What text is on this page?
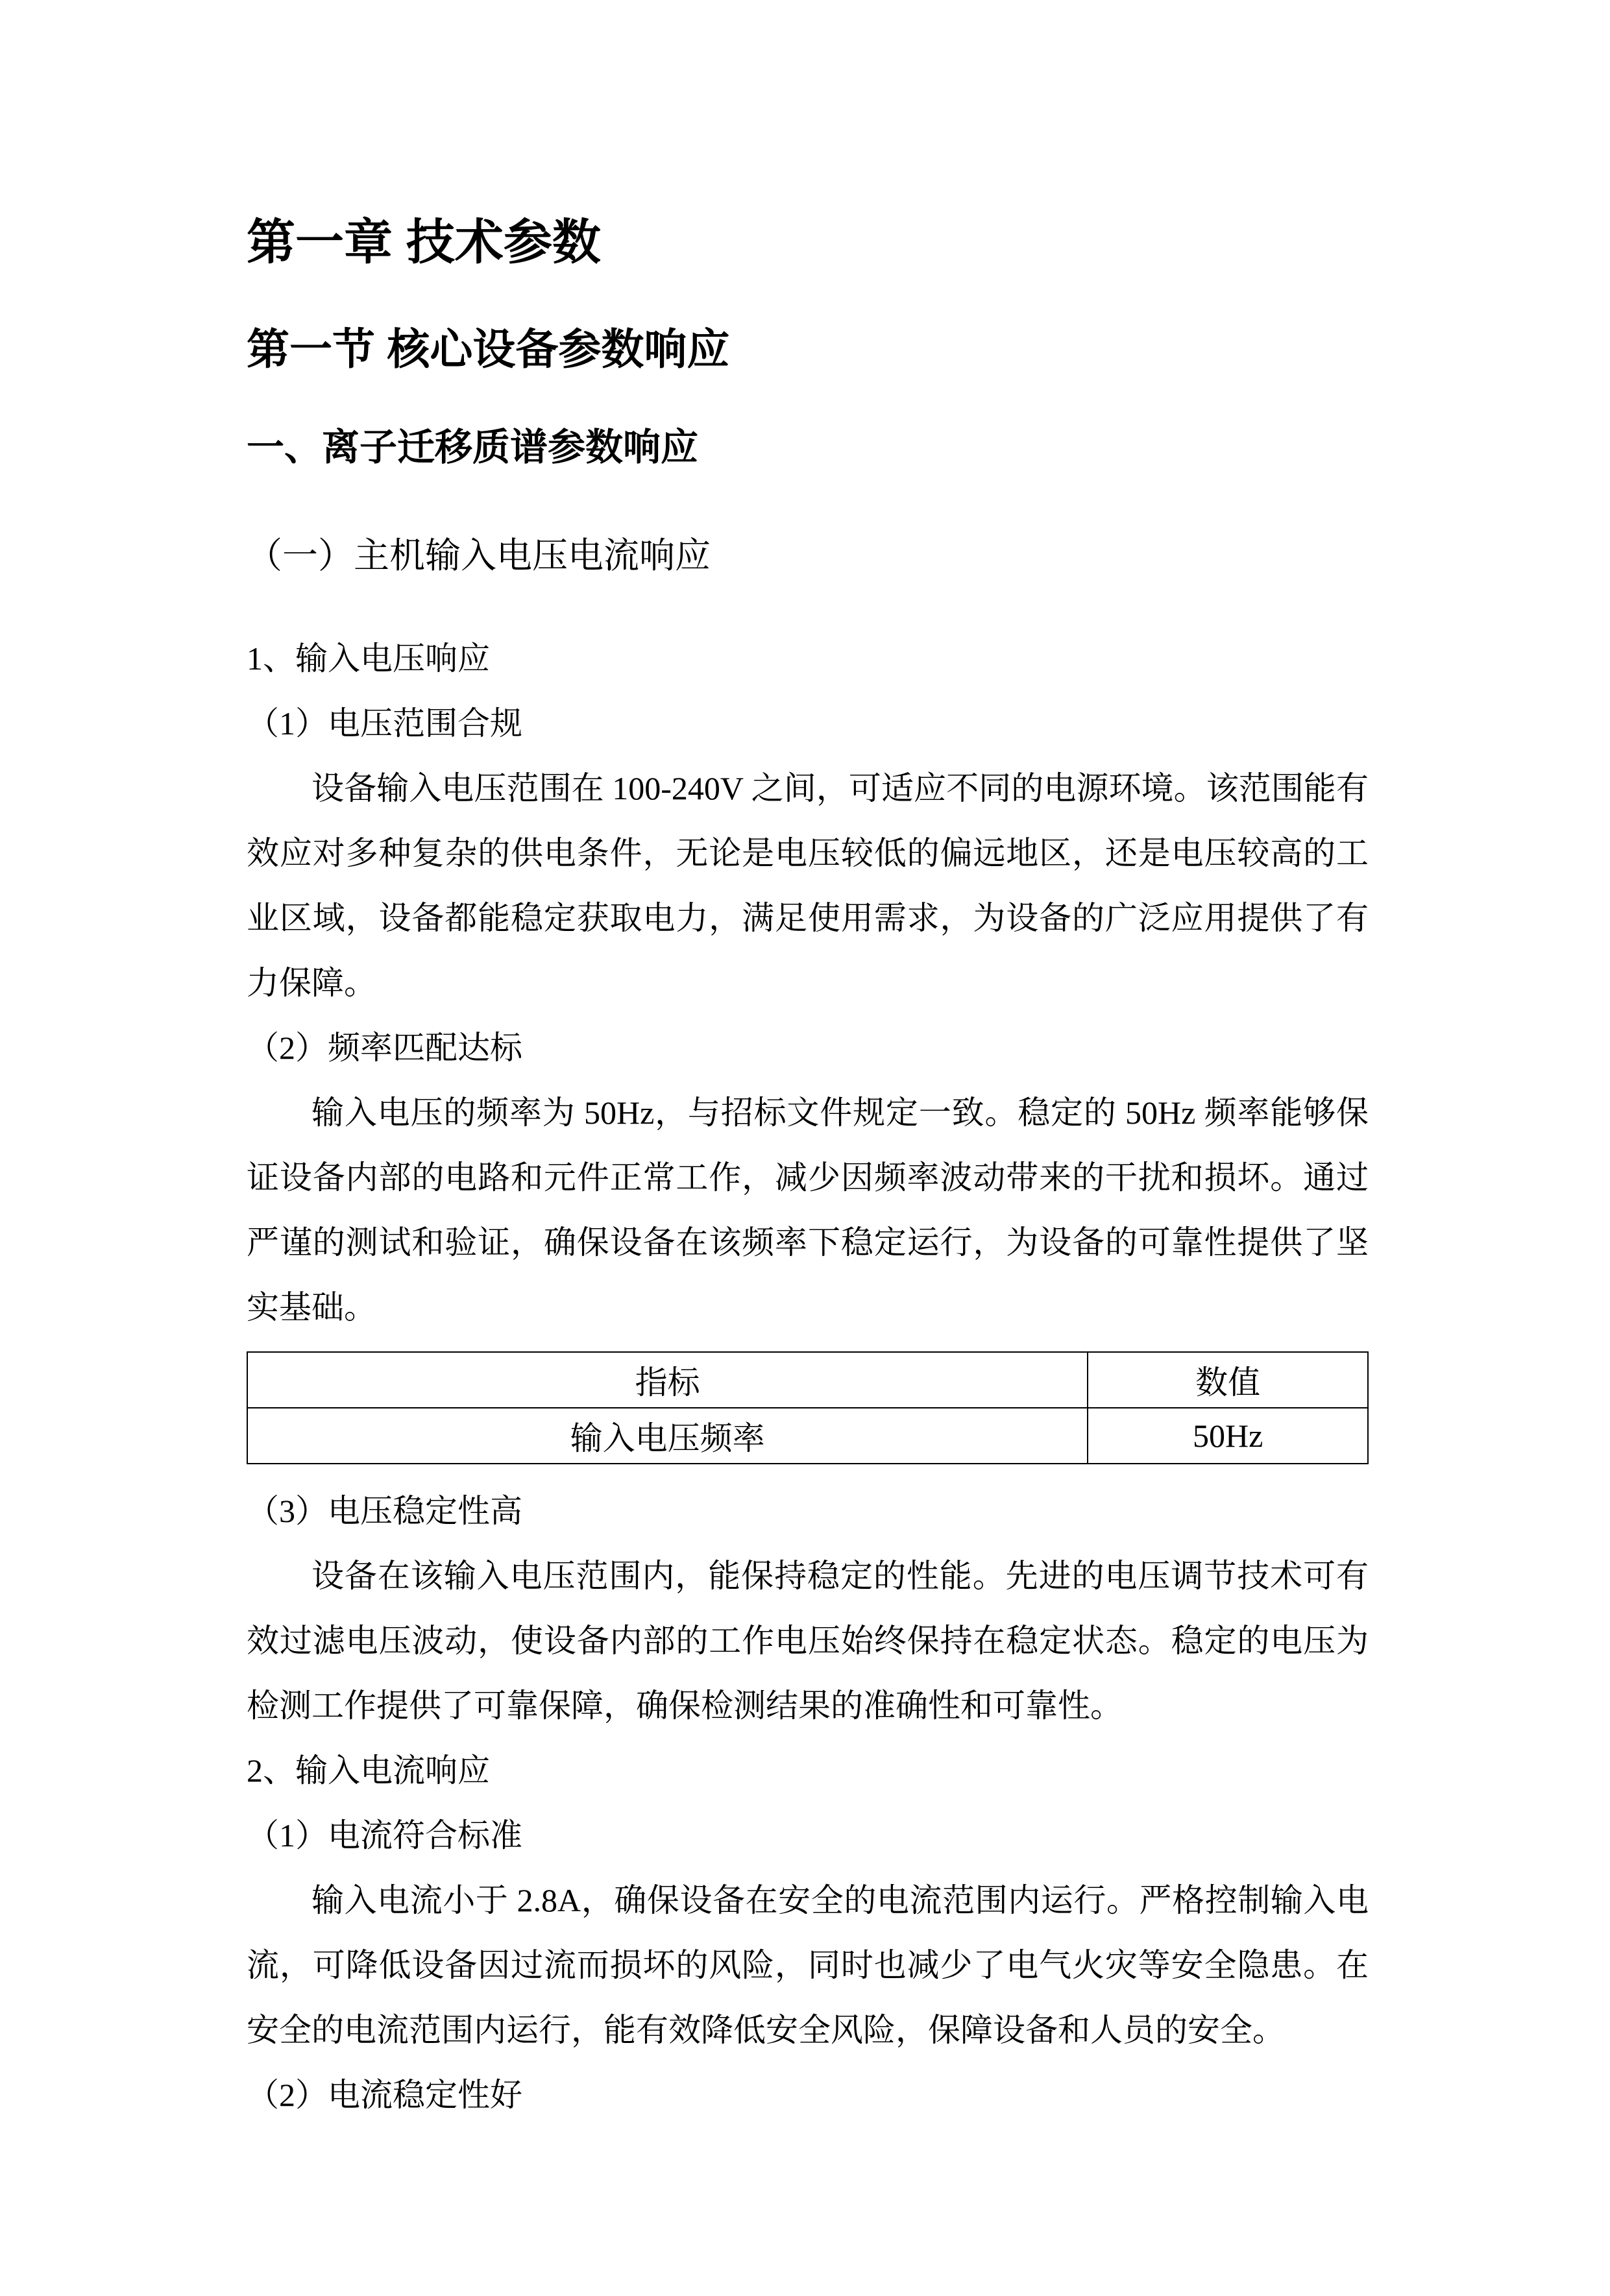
第一章 技术参数
第一节 核心设备参数响应
一、离子迁移质谱参数响应
（一）主机输入电压电流响应

1、输入电压响应

（1）电压范围合规

设备输入电压范围在 100-240V 之间，可适应不同的电源环境。该范围能有效应对多种复杂的供电条件，无论是电压较低的偏远地区，还是电压较高的工业区域，设备都能稳定获取电力，满足使用需求，为设备的广泛应用提供了有力保障。

（2）频率匹配达标

输入电压的频率为 50Hz，与招标文件规定一致。稳定的 50Hz 频率能够保证设备内部的电路和元件正常工作，减少因频率波动带来的干扰和损坏。通过严谨的测试和验证，确保设备在该频率下稳定运行，为设备的可靠性提供了坚实基础。

指标	数值
输入电压频率	50Hz

（3）电压稳定性高

设备在该输入电压范围内，能保持稳定的性能。先进的电压调节技术可有效过滤电压波动，使设备内部的工作电压始终保持在稳定状态。稳定的电压为检测工作提供了可靠保障，确保检测结果的准确性和可靠性。

2、输入电流响应

（1）电流符合标准

输入电流小于 2.8A，确保设备在安全的电流范围内运行。严格控制输入电流，可降低设备因过流而损坏的风险，同时也减少了电气火灾等安全隐患。在安全的电流范围内运行，能有效降低安全风险，保障设备和人员的安全。

（2）电流稳定性好
